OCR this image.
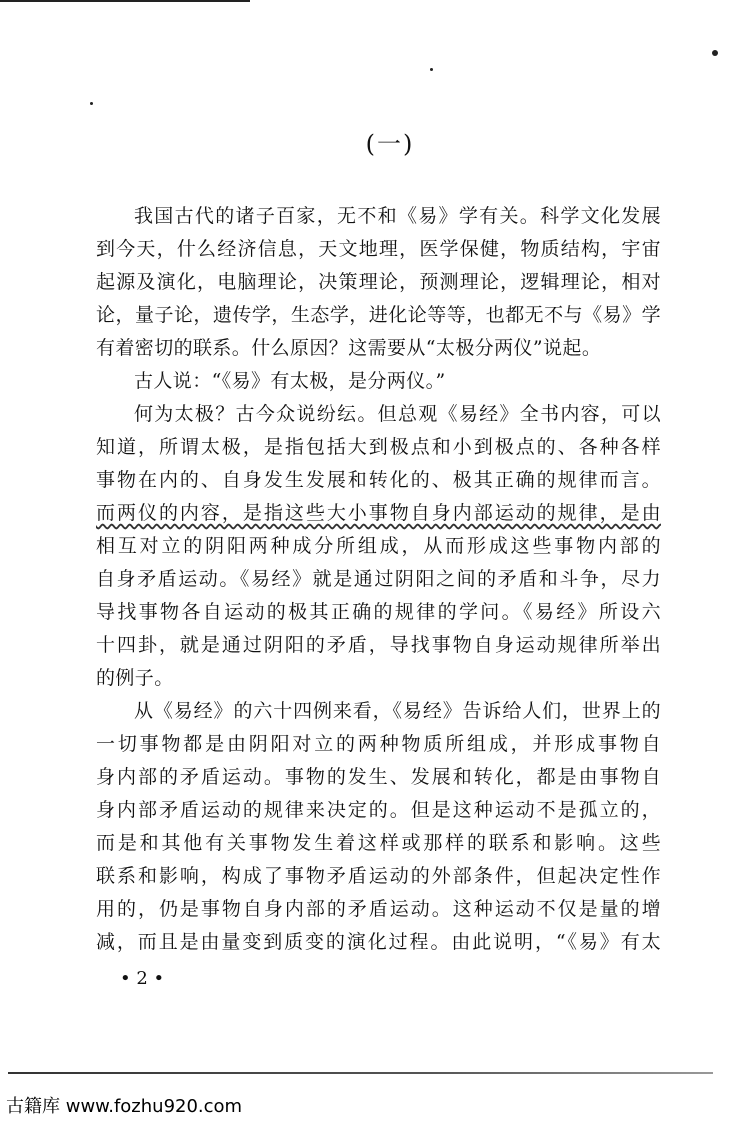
(一)
我国古代的诸子百家，无不和《易》学有关。科学文化发展
到今天，什么经济信息，天文地理，医学保健，物质结构，宇宙
起源及演化，电脑理论，决策理论，预测理论，逻辑理论，相对
论，量子论，遗传学，生态学，进化论等等，也都无不与《易》学
有着密切的联系。什么原因？这需要从“太极分两仪”说起。
古人说：“《易》有太极，是分两仪。”
何为太极？古今众说纷纭。但总观《易经》全书内容，可以
知道，所谓太极，是指包括大到极点和小到极点的、各种各样
事物在内的、自身发生发展和转化的、极其正确的规律而言。
而两仪的内容，是指这些大小事物自身内部运动的规律，是由
相互对立的阴阳两种成分所组成，从而形成这些事物内部的
自身矛盾运动。《易经》就是通过阴阳之间的矛盾和斗争，尽力
导找事物各自运动的极其正确的规律的学问。《易经》所设六
十四卦，就是通过阴阳的矛盾，导找事物自身运动规律所举出
的例子。
从《易经》的六十四例来看，《易经》告诉给人们，世界上的
一切事物都是由阴阳对立的两种物质所组成，并形成事物自
身内部的矛盾运动。事物的发生、发展和转化，都是由事物自
身内部矛盾运动的规律来决定的。但是这种运动不是孤立的，
而是和其他有关事物发生着这样或那样的联系和影响。这些
联系和影响，构成了事物矛盾运动的外部条件，但起决定性作
用的，仍是事物自身内部的矛盾运动。这种运动不仅是量的增
减，而且是由量变到质变的演化过程。由此说明，“《易》有太
• 2 •
古籍库 www.fozhu920.com
